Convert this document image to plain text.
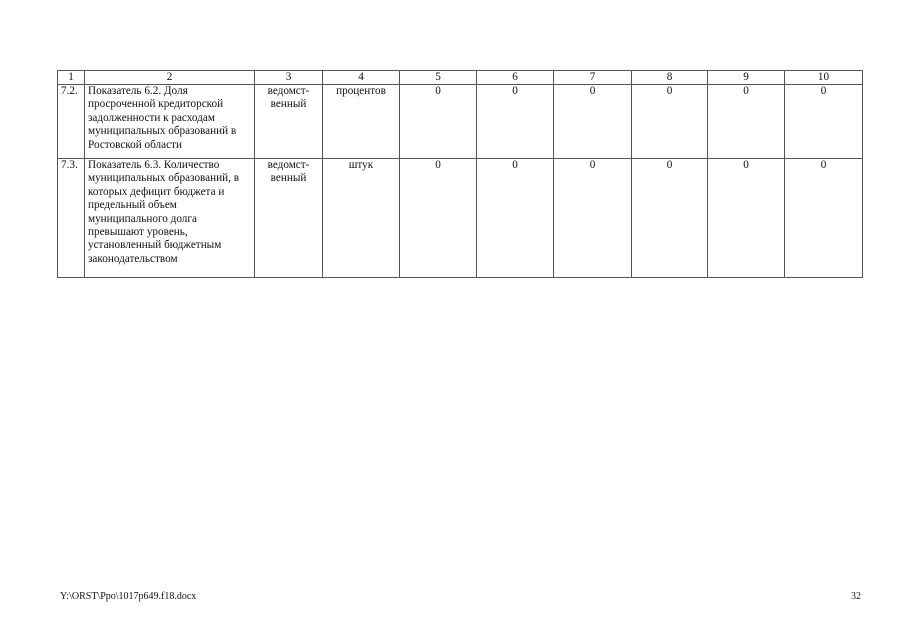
1	2	3	4	5	6	7	8	9	10
7.2.	Показатель 6.2. Доля просроченной кредиторской задолженности к расходам муниципальных образований в Ростовской области	ведомст-венный	процентов	0	0	0	0	0	0
7.3.	Показатель 6.3. Количество муниципальных образований, в которых дефицит бюджета и предельный объем муниципального долга превышают уровень, установленный бюджетным законодательством	ведомст-венный	штук	0	0	0	0	0	0
Y:\ORST\Ppo\1017p649.f18.docx	32
